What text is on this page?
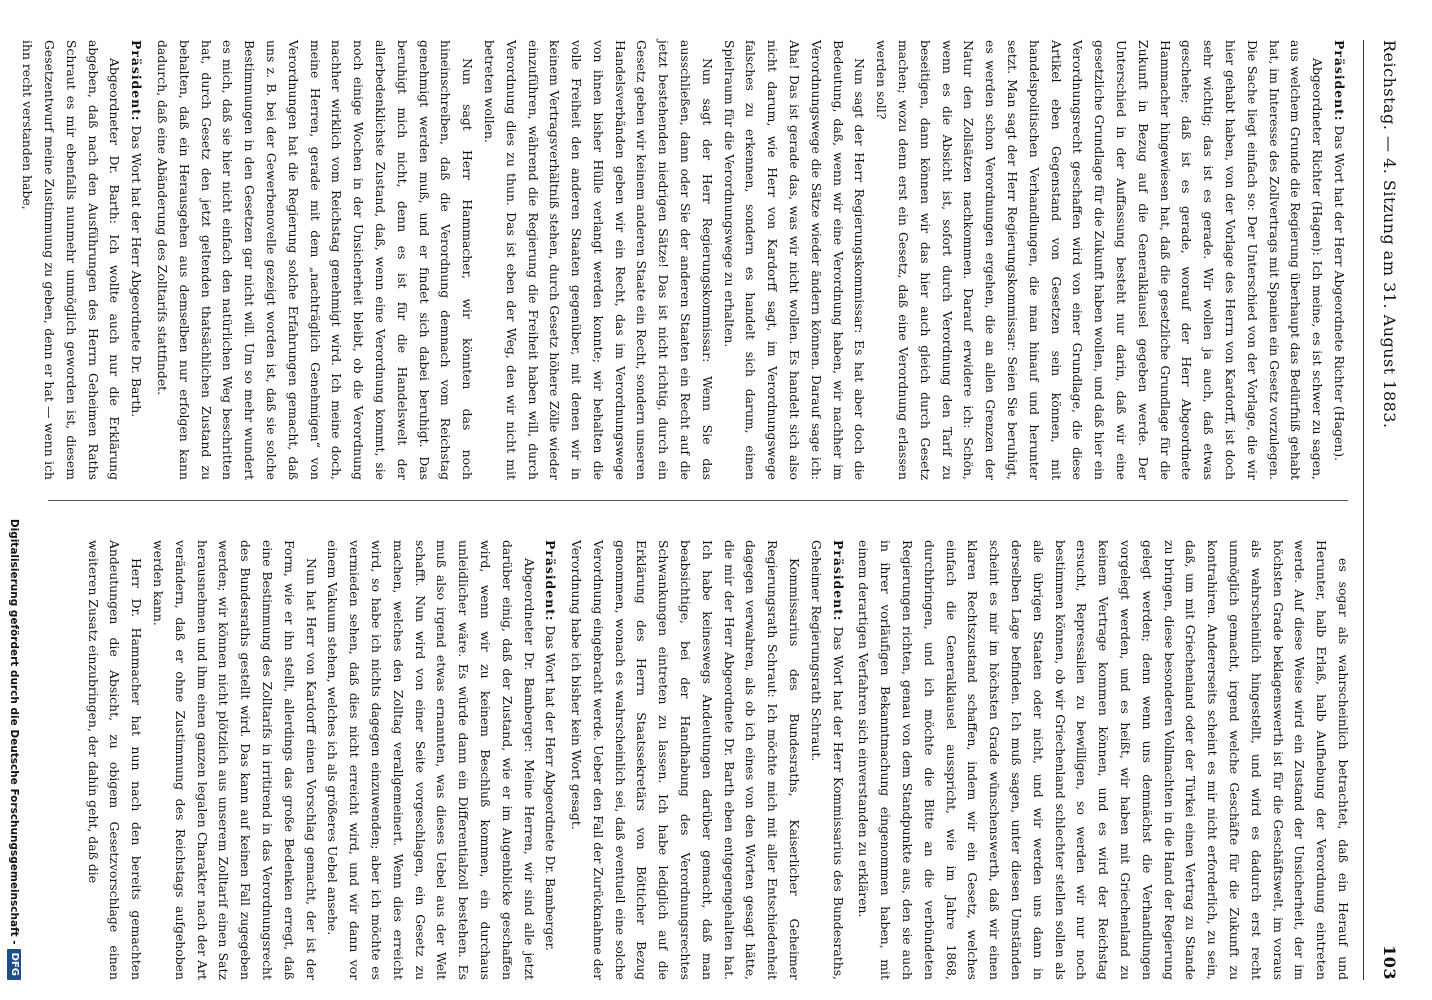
Reichstag. — 4. Sitzung am 31. August 1883.
103

Präsident: Das Wort hat der Herr Abgeordnete Richter (Hagen).

Abgeordneter Richter (Hagen): Ich meine, es ist schwer zu sagen, aus welchem Grunde die Regierung überhaupt das Bedürfniß gehabt hat, im Interesse des Zollvertrags mit Spanien ein Gesetz vorzulegen. Die Sache liegt einfach so: Der Unterschied von der Vorlage, die wir hier gehabt haben, von der Vorlage des Herrn von Kardorff, ist doch sehr wichtig; das ist es gerade. Wir wollen ja auch, daß etwas geschehe; daß ist es gerade, worauf der Herr Abgeordnete Hammacher hingewiesen hat, daß die gesetzliche Grundlage für die Zukunft in Bezug auf die Generalklausel gegeben werde. Der Unterschied in der Auffassung besteht nur darin, daß wir eine gesetzliche Grundlage für die Zukunft haben wollen, und daß hier ein Verordnungsrecht geschaffen wird von einer Grundlage, die diese Artikel eben Gegenstand von Gesetzen sein können, mit handelspolitischen Verhandlungen, die man hinauf und herunter setzt. Man sagt der Herr Regierungskommissar: Seien Sie beruhigt, es werden schon Verordnungen ergehen, die an allen Grenzen der Natur den Zollsätzen nachkommen. Darauf erwidere ich: Schön, wenn es die Absicht ist, sofort durch Verordnung den Tarif zu beseitigen, dann können wir das hier auch gleich durch Gesetz machen; wozu denn erst ein Gesetz, daß eine Verordnung erlassen werden soll?

Nun sagt der Herr Regierungskommissar: Es hat aber doch die Bedeutung, daß, wenn wir eine Verordnung haben, wir nachher im Verordnungswege die Sätze wieder ändern können. Darauf sage ich: Aha! Das ist gerade das, was wir nicht wollen. Es handelt sich also nicht darum, wie Herr von Kardorff sagt, im Verordnungswege falsches zu erkennen, sondern es handelt sich darum, einen Spielraum für die Verordnungswege zu erhalten.

Nun sagt der Herr Regierungskommissar: Wenn Sie das ausschließen, dann oder Sie der anderen Staaten ein Recht auf die jetzt bestehenden niedrigen Sätze! Das ist nicht richtig, durch ein Gesetz geben wir keinem anderen Staate ein Recht, sondern unseren Handelsverbänden geben wir ein Recht, das im Verordnungswege von ihnen bisher Hülle verlangt werden konnte; wir behalten die volle Freiheit den anderen Staaten gegenüber, mit denen wir in keinem Vertragsverhältniß stehen, durch Gesetz höhere Zölle wieder einzuführen, während die Regierung die Freiheit haben will, durch Verordnung dies zu thun. Das ist eben der Weg, den wir nicht mit betreten wollen.

Nun sagt Herr Hammacher, wir könnten das noch hineinschreiben, daß die Verordnung demnach vom Reichstag genehmigt werden muß, und er findet sich dabei beruhigt. Das beruhigt mich nicht, denn es ist für die Handelswelt der allerbedenklichste Zustand, daß, wenn eine Verordnung kommt, sie noch einige Wochen in der Unsicherheit bleibt, ob die Verordnung nachher wirklich vom Reichstag genehmigt wird. Ich meine doch, meine Herren, gerade mit dem „nachträglich Genehmigen“ von Verordnungen hat die Regierung solche Erfahrungen gemacht, daß uns z. B. bei der Gewerbenovelle gezeigt worden ist, daß sie solche Bestimmungen in den Gesetzen gar nicht will. Um so mehr wundert es mich, daß sie hier nicht einfach den natürlichen Weg beschritten hat, durch Gesetz den jetzt geltenden thatsächlichen Zustand zu behalten, daß ein Herausgehen aus demselben nur erfolgen kann dadurch, daß eine Abänderung des Zolltarifs stattfindet.

Präsident: Das Wort hat der Herr Abgeordnete Dr. Barth.

Abgeordneter Dr. Barth: Ich wollte auch nur die Erklärung abgeben, daß nach den Ausführungen des Herrn Geheimen Raths Schraut es mir ebenfalls nunmehr unmöglich geworden ist, diesem Gesetzentwurf meine Zustimmung zu geben, denn er hat — wenn ich ihn recht verstanden habe,

es sogar als wahrscheinlich betrachtet, daß ein Herauf und Herunter, halb Erlaß, halb Aufhebung der Verordnung eintreten werde. Auf diese Weise wird ein Zustand der Unsicherheit, der im höchsten Grade beklagenswerth ist für die Geschäftswelt, im voraus als wahrscheinlich hingestellt, und wird es dadurch erst recht unmöglich gemacht, irgend welche Geschäfte für die Zukunft zu kontrahiren. Andererseits scheint es mir nicht erforderlich, zu sein, daß, um mit Griechenland oder der Türkei einen Vertrag zu Stande zu bringen, diese besonderen Vollmachten in die Hand der Regierung gelegt werden; denn wenn uns demnächst die Verhandlungen vorgelegt werden, und es heißt, wir haben mit Griechenland zu keinem Vertrage kommen können, und es wird der Reichstag ersucht, Repressalien zu bewilligen, so werden wir nur noch bestimmen können, ob wir Griechenland schlechter stellen sollen als alle übrigen Staaten oder nicht, und wir werden uns dann in derselben Lage befinden. Ich muß sagen, unter diesen Umständen scheint es mir im höchsten Grade wünschenswerth, daß wir einen klaren Rechtszustand schaffen, indem wir ein Gesetz, welches einfach die Generalklausel ausspricht, wie im Jahre 1868, durchbringen, und ich möchte die Bitte an die verbündeten Regierungen richten, genau von dem Standpunkte aus, den sie auch in ihrer vorläufigen Bekanntmachung eingenommen haben, mit einem derartigen Verfahren sich einverstanden zu erklären.

Präsident: Das Wort hat der Herr Kommissarius des Bundesraths, Geheimer Regierungsrath Schraut.

Kommissarius des Bundesraths, Kaiserlicher Geheimer Regierungsrath Schraut: Ich möchte mich mit aller Entschiedenheit dagegen verwahren, als ob ich eines von den Worten gesagt hätte, die mir der Herr Abgeordnete Dr. Barth eben entgegengehalten hat. Ich habe keineswegs Andeutungen darüber gemacht, daß man beabsichtige, bei der Handhabung des Verordnungsrechtes Schwankungen eintreten zu lassen. Ich habe lediglich auf die Erklärung des Herrn Staatssekretärs von Bötticher Bezug genommen, wonach es wahrscheinlich sei, daß eventuell eine solche Verordnung eingebracht werde. Ueber den Fall der Zurücknahme der Verordnung habe ich bisher kein Wort gesagt.

Präsident: Das Wort hat der Herr Abgeordnete Dr. Bamberger.

Abgeordneter Dr. Bamberger: Meine Herren, wir sind alle jetzt darüber einig, daß der Zustand, wie er im Augenblicke geschaffen wird, wenn wir zu keinem Beschluß kommen, ein durchaus unleidlicher wäre. Es würde dann ein Differentialzoll bestehen. Es muß also irgend etwas ernannten, was dieses Uebel aus der Welt schafft. Nun wird von einer Seite vorgeschlagen, ein Gesetz zu machen, welches den Zolltag verallgemeinert. Wenn dies erreicht wird, so habe ich nichts dagegen einzuwenden; aber ich möchte es vermieden sehen, daß dies nicht erreicht wird, und wir dann vor einem Vakuum stehen, welches ich als größeres Uebel ansehe.

Nun hat Herr von Kardorff einen Vorschlag gemacht, der ist der Form, wie er ihn stellt, allerdings das große Bedenken erregt, daß eine Bestimmung des Zolltarifs in irritirend in das Verordnungsrecht des Bundesraths gestellt wird. Das kann auf keinen Fall zugegeben werden; wir können nicht plötzlich aus unserem Zolltarif einen Satz herausnehmen und ihm einen ganzen legalen Charakter nach der Art verändern, daß er ohne Zustimmung des Reichstags aufgehoben werden kann.

Herr Dr. Hammacher hat nun nach den bereits gemachten Andeutungen die Absicht, zu obigem Gesetzvorschlage einen weiteren Zusatz einzubringen, der dahin geht, daß die

Digitalisierung gefördert durch die Deutsche Forschungsgemeinschaft -
DFG
